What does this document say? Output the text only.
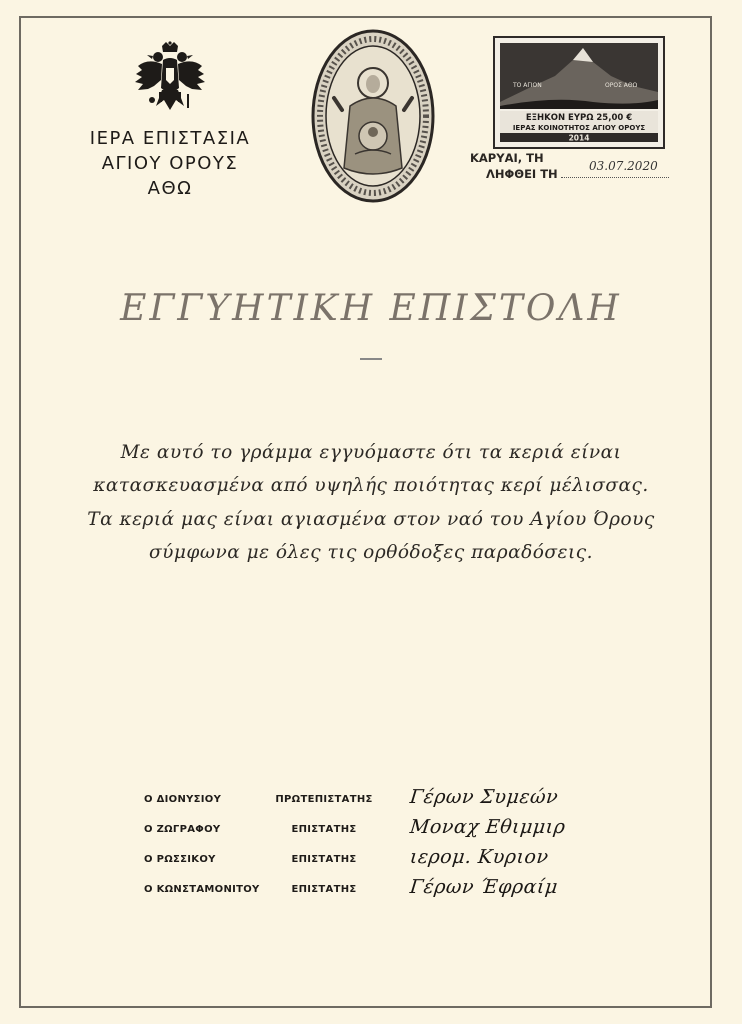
ΙΕΡΑ ΕΠΙΣΤΑΣΙΑ
ΑΓΙΟΥ ΟΡΟΥΣ
ΑΘΩ
ΤΟ ΑΓΙΟΝ	ΟΡΟΣ ΑΘΩ
ΕΞΗΚΟΝ ΕΥΡΩ 25,00 €
ΙΕΡΑΣ ΚΟΙΝΟΤΗΤΟΣ ΑΓΙΟΥ ΟΡΟΥΣ
2014
ΚΑΡΥΑΙ, ΤΗ
ΛΗΦΘΕΙ ΤΗ
03.07.2020
ΕΓΓΥΗΤΙΚΗ ΕΠΙΣΤΟΛΗ

Με αυτό το γράμμα εγγυόμαστε ότι τα κεριά είναι

κατασκευασμένα από υψηλής ποιότητας κερί μέλισσας.

Τα κεριά μας είναι αγιασμένα στον ναό του Αγίου Όρους

σύμφωνα με όλες τις ορθόδοξες παραδόσεις.

Ο ΔΙΟΝΥΣΙΟΥ	ΠΡΩΤΕΠΙΣΤΑΤΗΣ Γέρων Συμεών
Ο ΖΩΓΡΑΦΟΥ	ΕΠΙΣΤΑΤΗΣ	Μοναχ Εθιμμιρ
Ο ΡΩΣΣΙΚΟΥ	ΕΠΙΣΤΑΤΗΣ	ιερομ. Κυριον
Ο ΚΩΝΣΤΑΜΟΝΙΤΟΥ	ΕΠΙΣΤΑΤΗΣ	Γέρων Έφραίμ
